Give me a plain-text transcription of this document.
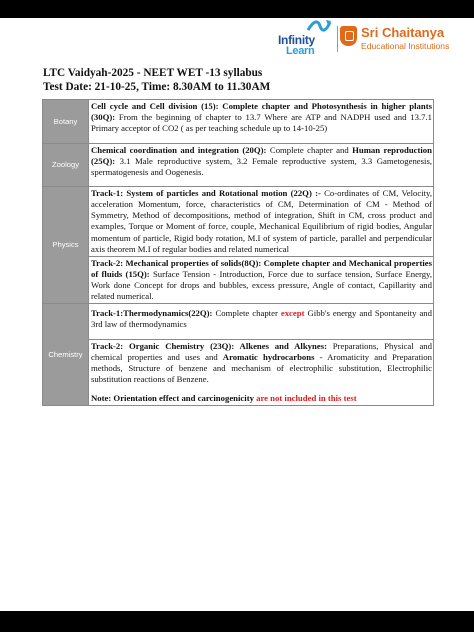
Infinity
Learn
Sri Chaitanya
Educational Institutions
LTC Vaidyah-2025 - NEET WET -13 syllabus
Test Date: 21-10-25, Time: 8.30AM to 11.30AM
Botany	Cell cycle and Cell division (15): Complete chapter and Photosynthesis in higher plants (30Q): From the beginning of chapter to 13.7 Where are ATP and NADPH used and 13.7.1 Primary acceptor of CO2 ( as per teaching schedule up to 14-10-25)
Zoology	Chemical coordination and integration (20Q): Complete chapter and Human reproduction (25Q): 3.1 Male reproductive system, 3.2 Female reproductive system, 3.3 Gametogenesis, spermatogenesis and Oogenesis.
Physics	Track-1: System of particles and Rotational motion (22Q) :- Co-ordinates of CM, Velocity, acceleration Momentum, force, characteristics of CM, Determination of CM - Method of Symmetry, Method of decompositions, method of integration, Shift in CM, cross product and examples, Torque or Moment of force, couple, Mechanical Equilibrium of rigid bodies, Angular momentum of particle, Rigid body rotation, M.I of system of particle, parallel and perpendicular axis theorem M.I of regular bodies and related numerical
	Track-2: Mechanical properties of solids(8Q): Complete chapter and Mechanical properties of fluids (15Q): Surface Tension - Introduction, Force due to surface tension, Surface Energy, Work done Concept for drops and bubbles, excess pressure, Angle of contact, Capillarity and related numerical.
Chemistry	Track-1:Thermodynamics(22Q): Complete chapter except Gibb's energy and Spontaneity and 3rd law of thermodynamics
	Track-2: Organic Chemistry (23Q): Alkenes and Alkynes: Preparations, Physical and chemical properties and uses and Aromatic hydrocarbons - Aromaticity and Preparation methods, Structure of benzene and mechanism of electrophilic substitution, Electrophilic substitution reactions of Benzene.
Note: Orientation effect and carcinogenicity are not included in this test
